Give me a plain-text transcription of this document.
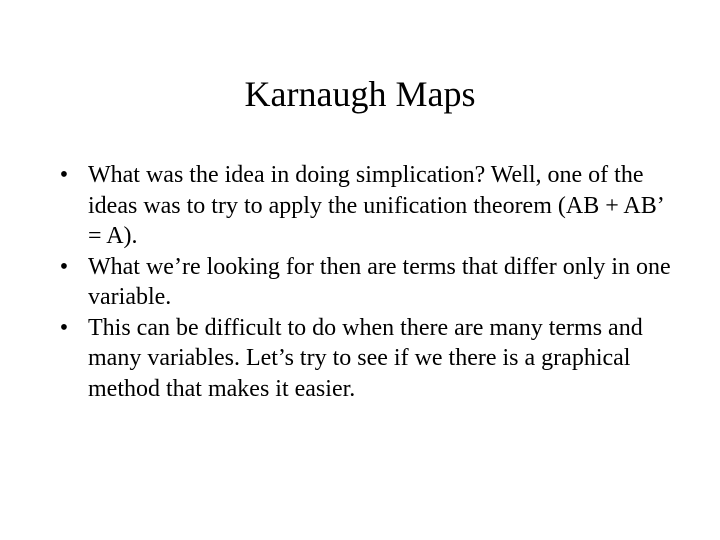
Karnaugh Maps
• What was the idea in doing simplication? Well, one of the ideas was to try to apply the unification theorem (AB + AB’ = A).
• What we’re looking for then are terms that differ only in one variable.
• This can be difficult to do when there are many terms and many variables. Let’s try to see if we there is a graphical method that makes it easier.
